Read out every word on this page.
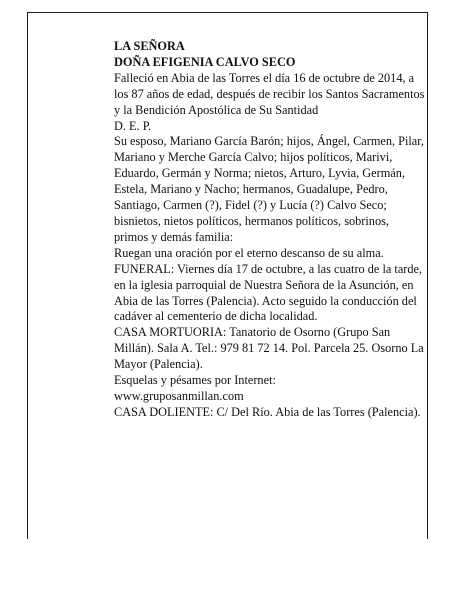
LA SEÑORA

DOÑA EFIGENIA CALVO SECO

Falleció en Abia de las Torres el día 16 de octubre de 2014, a los 87 años de edad, después de recibir los Santos Sacramentos y la Bendición Apostólica de Su Santidad

D. E. P.

Su esposo, Mariano García Barón; hijos, Ángel, Carmen, Pilar, Mariano y Merche García Calvo; hijos políticos, Marivi, Eduardo, Germán y Norma; nietos, Arturo, Lyvia, Germán, Estela, Mariano y Nacho; hermanos, Guadalupe, Pedro, Santiago, Carmen (?), Fidel (?) y Lucía (?) Calvo Seco; bisnietos, nietos políticos, hermanos políticos, sobrinos, primos y demás familia:

Ruegan una oración por el eterno descanso de su alma.

FUNERAL: Viernes día 17 de octubre, a las cuatro de la tarde, en la iglesia parroquial de Nuestra Señora de la Asunción, en Abia de las Torres (Palencia). Acto seguido la conducción del cadáver al cementerio de dicha localidad.

CASA MORTUORIA: Tanatorio de Osorno (Grupo San Millán). Sala A. Tel.: 979 81 72 14. Pol. Parcela 25. Osorno La Mayor (Palencia).

Esquelas y pésames por Internet:

www.gruposanmillan.com

CASA DOLIENTE: C/ Del Río. Abia de las Torres (Palencia).
